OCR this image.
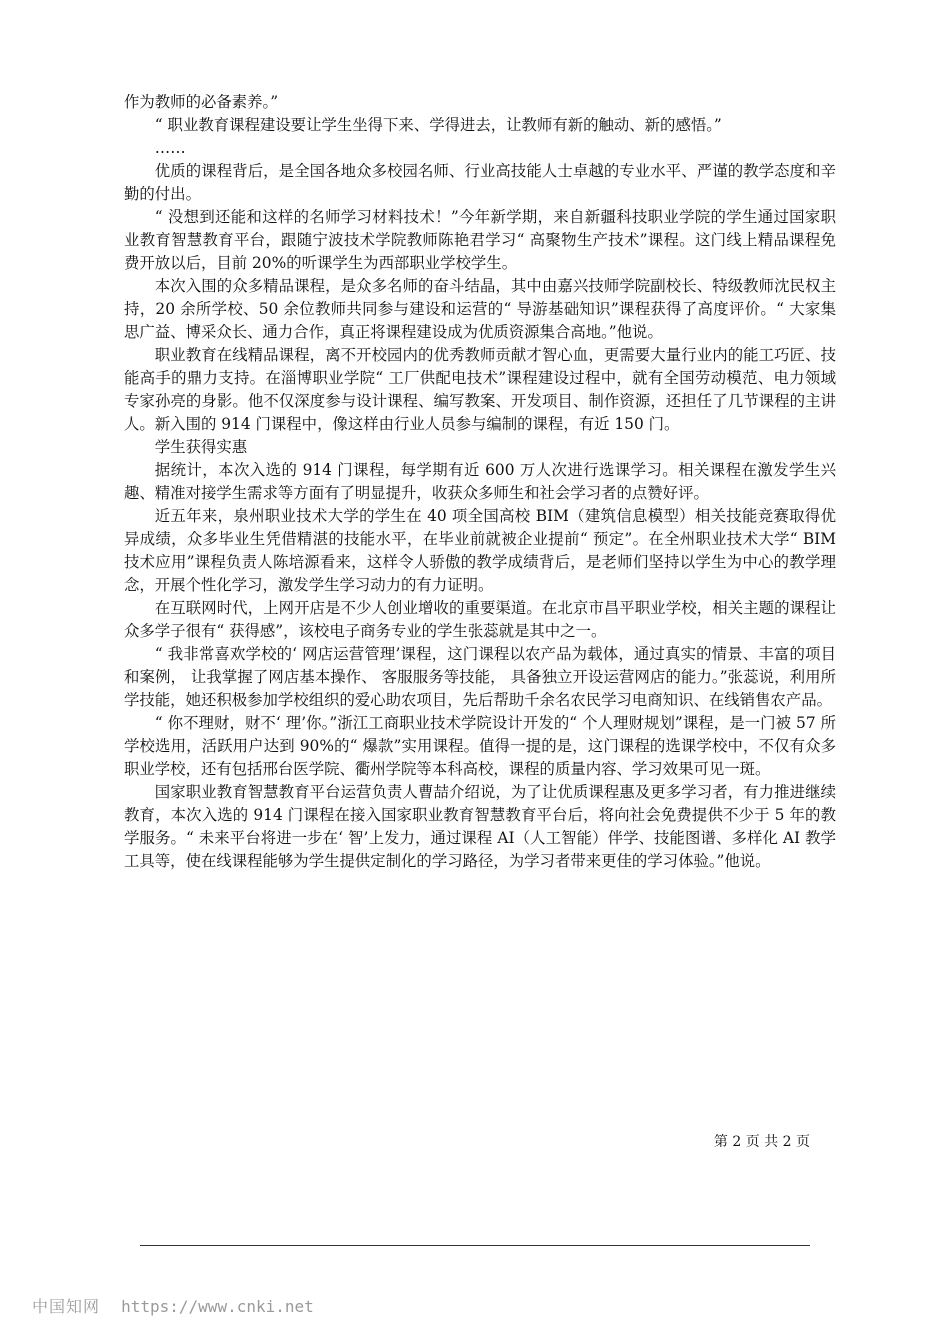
作为教师的必备素养。”

“ 职业教育课程建设要让学生坐得下来、学得进去，让教师有新的触动、新的感悟。”

……

优质的课程背后，是全国各地众多校园名师、行业高技能人士卓越的专业水平、严谨的教学态度和辛勤的付出。

“ 没想到还能和这样的名师学习材料技术！”今年新学期，来自新疆科技职业学院的学生通过国家职业教育智慧教育平台，跟随宁波技术学院教师陈艳君学习“ 高聚物生产技术”课程。这门线上精品课程免费开放以后，目前 20%的听课学生为西部职业学校学生。

本次入围的众多精品课程，是众多名师的奋斗结晶，其中由嘉兴技师学院副校长、特级教师沈民权主持，20 余所学校、50 余位教师共同参与建设和运营的“ 导游基础知识”课程获得了高度评价。“ 大家集思广益、博采众长、通力合作，真正将课程建设成为优质资源集合高地。”他说。

职业教育在线精品课程，离不开校园内的优秀教师贡献才智心血，更需要大量行业内的能工巧匠、技能高手的鼎力支持。在淄博职业学院“ 工厂供配电技术”课程建设过程中，就有全国劳动模范、电力领域专家孙亮的身影。他不仅深度参与设计课程、编写教案、开发项目、制作资源，还担任了几节课程的主讲人。新入围的 914 门课程中，像这样由行业人员参与编制的课程，有近 150 门。

学生获得实惠

据统计，本次入选的 914 门课程，每学期有近 600 万人次进行选课学习。相关课程在激发学生兴趣、精准对接学生需求等方面有了明显提升，收获众多师生和社会学习者的点赞好评。

近五年来，泉州职业技术大学的学生在 40 项全国高校 BIM（建筑信息模型）相关技能竞赛取得优异成绩，众多毕业生凭借精湛的技能水平，在毕业前就被企业提前“ 预定”。在全州职业技术大学“ BIM 技术应用”课程负责人陈培源看来，这样令人骄傲的教学成绩背后，是老师们坚持以学生为中心的教学理念，开展个性化学习，激发学生学习动力的有力证明。

在互联网时代，上网开店是不少人创业增收的重要渠道。在北京市昌平职业学校，相关主题的课程让众多学子很有“ 获得感”，该校电子商务专业的学生张蕊就是其中之一。

“ 我非常喜欢学校的‘ 网店运营管理’课程，这门课程以农产品为载体，通过真实的情景、丰富的项目和案例， 让我掌握了网店基本操作、 客服服务等技能， 具备独立开设运营网店的能力。”张蕊说，利用所学技能，她还积极参加学校组织的爱心助农项目，先后帮助千余名农民学习电商知识、在线销售农产品。

“ 你不理财，财不‘ 理’你。”浙江工商职业技术学院设计开发的“ 个人理财规划”课程，是一门被 57 所学校选用，活跃用户达到 90%的“ 爆款”实用课程。值得一提的是，这门课程的选课学校中，不仅有众多职业学校，还有包括邢台医学院、衢州学院等本科高校，课程的质量内容、学习效果可见一斑。

国家职业教育智慧教育平台运营负责人曹喆介绍说，为了让优质课程惠及更多学习者，有力推进继续教育，本次入选的 914 门课程在接入国家职业教育智慧教育平台后，将向社会免费提供不少于 5 年的教学服务。“ 未来平台将进一步在‘ 智’上发力，通过课程 AI（人工智能）伴学、技能图谱、多样化 AI 教学工具等，使在线课程能够为学生提供定制化的学习路径，为学习者带来更佳的学习体验。”他说。

第 2 页 共 2 页
中国知网 https://www.cnki.net
